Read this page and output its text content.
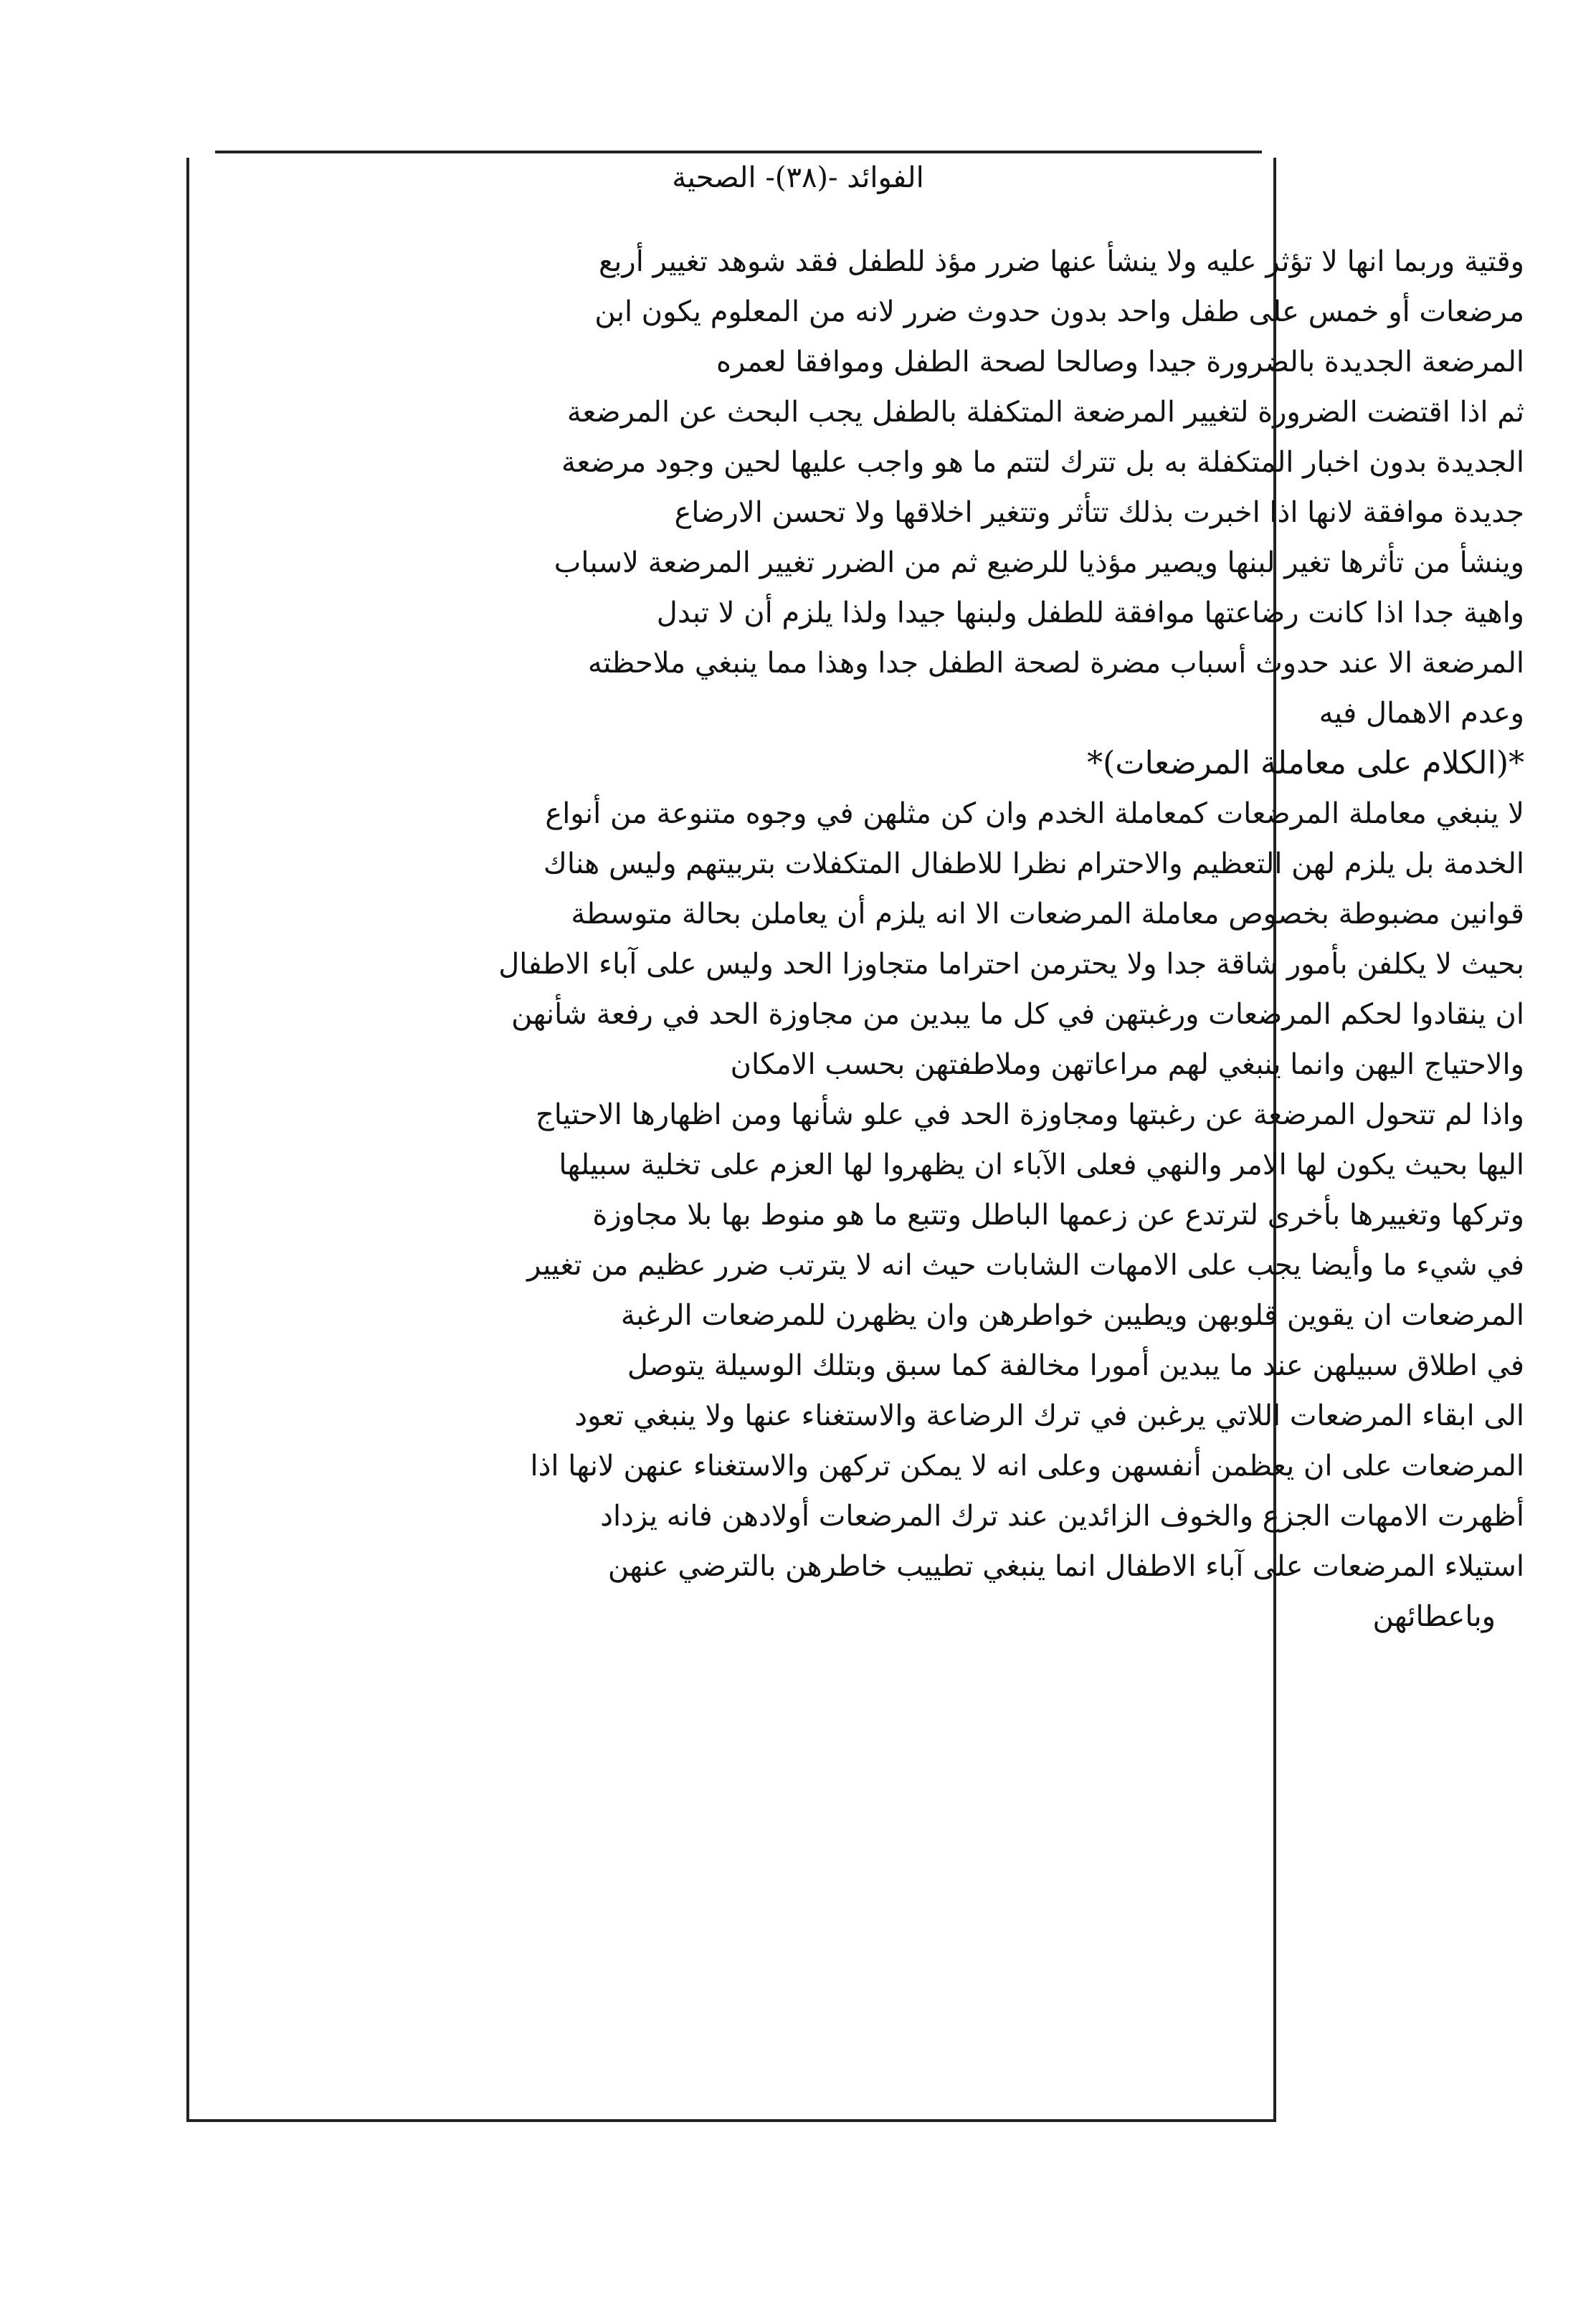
الفوائد -(٣٨)- الصحية
وقتية وربما انها لا تؤثر عليه ولا ينشأ عنها ضرر مؤذ للطفل فقد شوهد تغيير أربع
مرضعات أو خمس على طفل واحد بدون حدوث ضرر لانه من المعلوم يكون ابن
المرضعة الجديدة بالضرورة جيدا وصالحا لصحة الطفل وموافقا لعمره
ثم اذا اقتضت الضرورة لتغيير المرضعة المتكفلة بالطفل يجب البحث عن المرضعة
الجديدة بدون اخبار المتكفلة به بل تترك لتتم ما هو واجب عليها لحين وجود مرضعة
جديدة موافقة لانها اذا اخبرت بذلك تتأثر وتتغير اخلاقها ولا تحسن الارضاع
وينشأ من تأثرها تغير لبنها ويصير مؤذيا للرضيع ثم من الضرر تغيير المرضعة لاسباب
واهية جدا اذا كانت رضاعتها موافقة للطفل ولبنها جيدا ولذا يلزم أن لا تبدل
المرضعة الا عند حدوث أسباب مضرة لصحة الطفل جدا وهذا مما ينبغي ملاحظته
وعدم الاهمال فيه
*(الكلام على معاملة المرضعات)*
لا ينبغي معاملة المرضعات كمعاملة الخدم وان كن مثلهن في وجوه متنوعة من أنواع
الخدمة بل يلزم لهن التعظيم والاحترام نظرا للاطفال المتكفلات بتربيتهم وليس هناك
قوانين مضبوطة بخصوص معاملة المرضعات الا انه يلزم أن يعاملن بحالة متوسطة
بحيث لا يكلفن بأمور شاقة جدا ولا يحترمن احتراما متجاوزا الحد وليس على آباء الاطفال
ان ينقادوا لحكم المرضعات ورغبتهن في كل ما يبدين من مجاوزة الحد في رفعة شأنهن
والاحتياج اليهن وانما ينبغي لهم مراعاتهن وملاطفتهن بحسب الامكان
واذا لم تتحول المرضعة عن رغبتها ومجاوزة الحد في علو شأنها ومن اظهارها الاحتياج
اليها بحيث يكون لها الامر والنهي فعلى الآباء ان يظهروا لها العزم على تخلية سبيلها
وتركها وتغييرها بأخرى لترتدع عن زعمها الباطل وتتبع ما هو منوط بها بلا مجاوزة
في شيء ما وأيضا يجب على الامهات الشابات حيث انه لا يترتب ضرر عظيم من تغيير
المرضعات ان يقوين قلوبهن ويطيبن خواطرهن وان يظهرن للمرضعات الرغبة
في اطلاق سبيلهن عند ما يبدين أمورا مخالفة كما سبق وبتلك الوسيلة يتوصل
الى ابقاء المرضعات اللاتي يرغبن في ترك الرضاعة والاستغناء عنها ولا ينبغي تعود
المرضعات على ان يعظمن أنفسهن وعلى انه لا يمكن تركهن والاستغناء عنهن لانها اذا
أظهرت الامهات الجزع والخوف الزائدين عند ترك المرضعات أولادهن فانه يزداد
استيلاء المرضعات على آباء الاطفال انما ينبغي تطييب خاطرهن بالترضي عنهن
وباعطائهن
